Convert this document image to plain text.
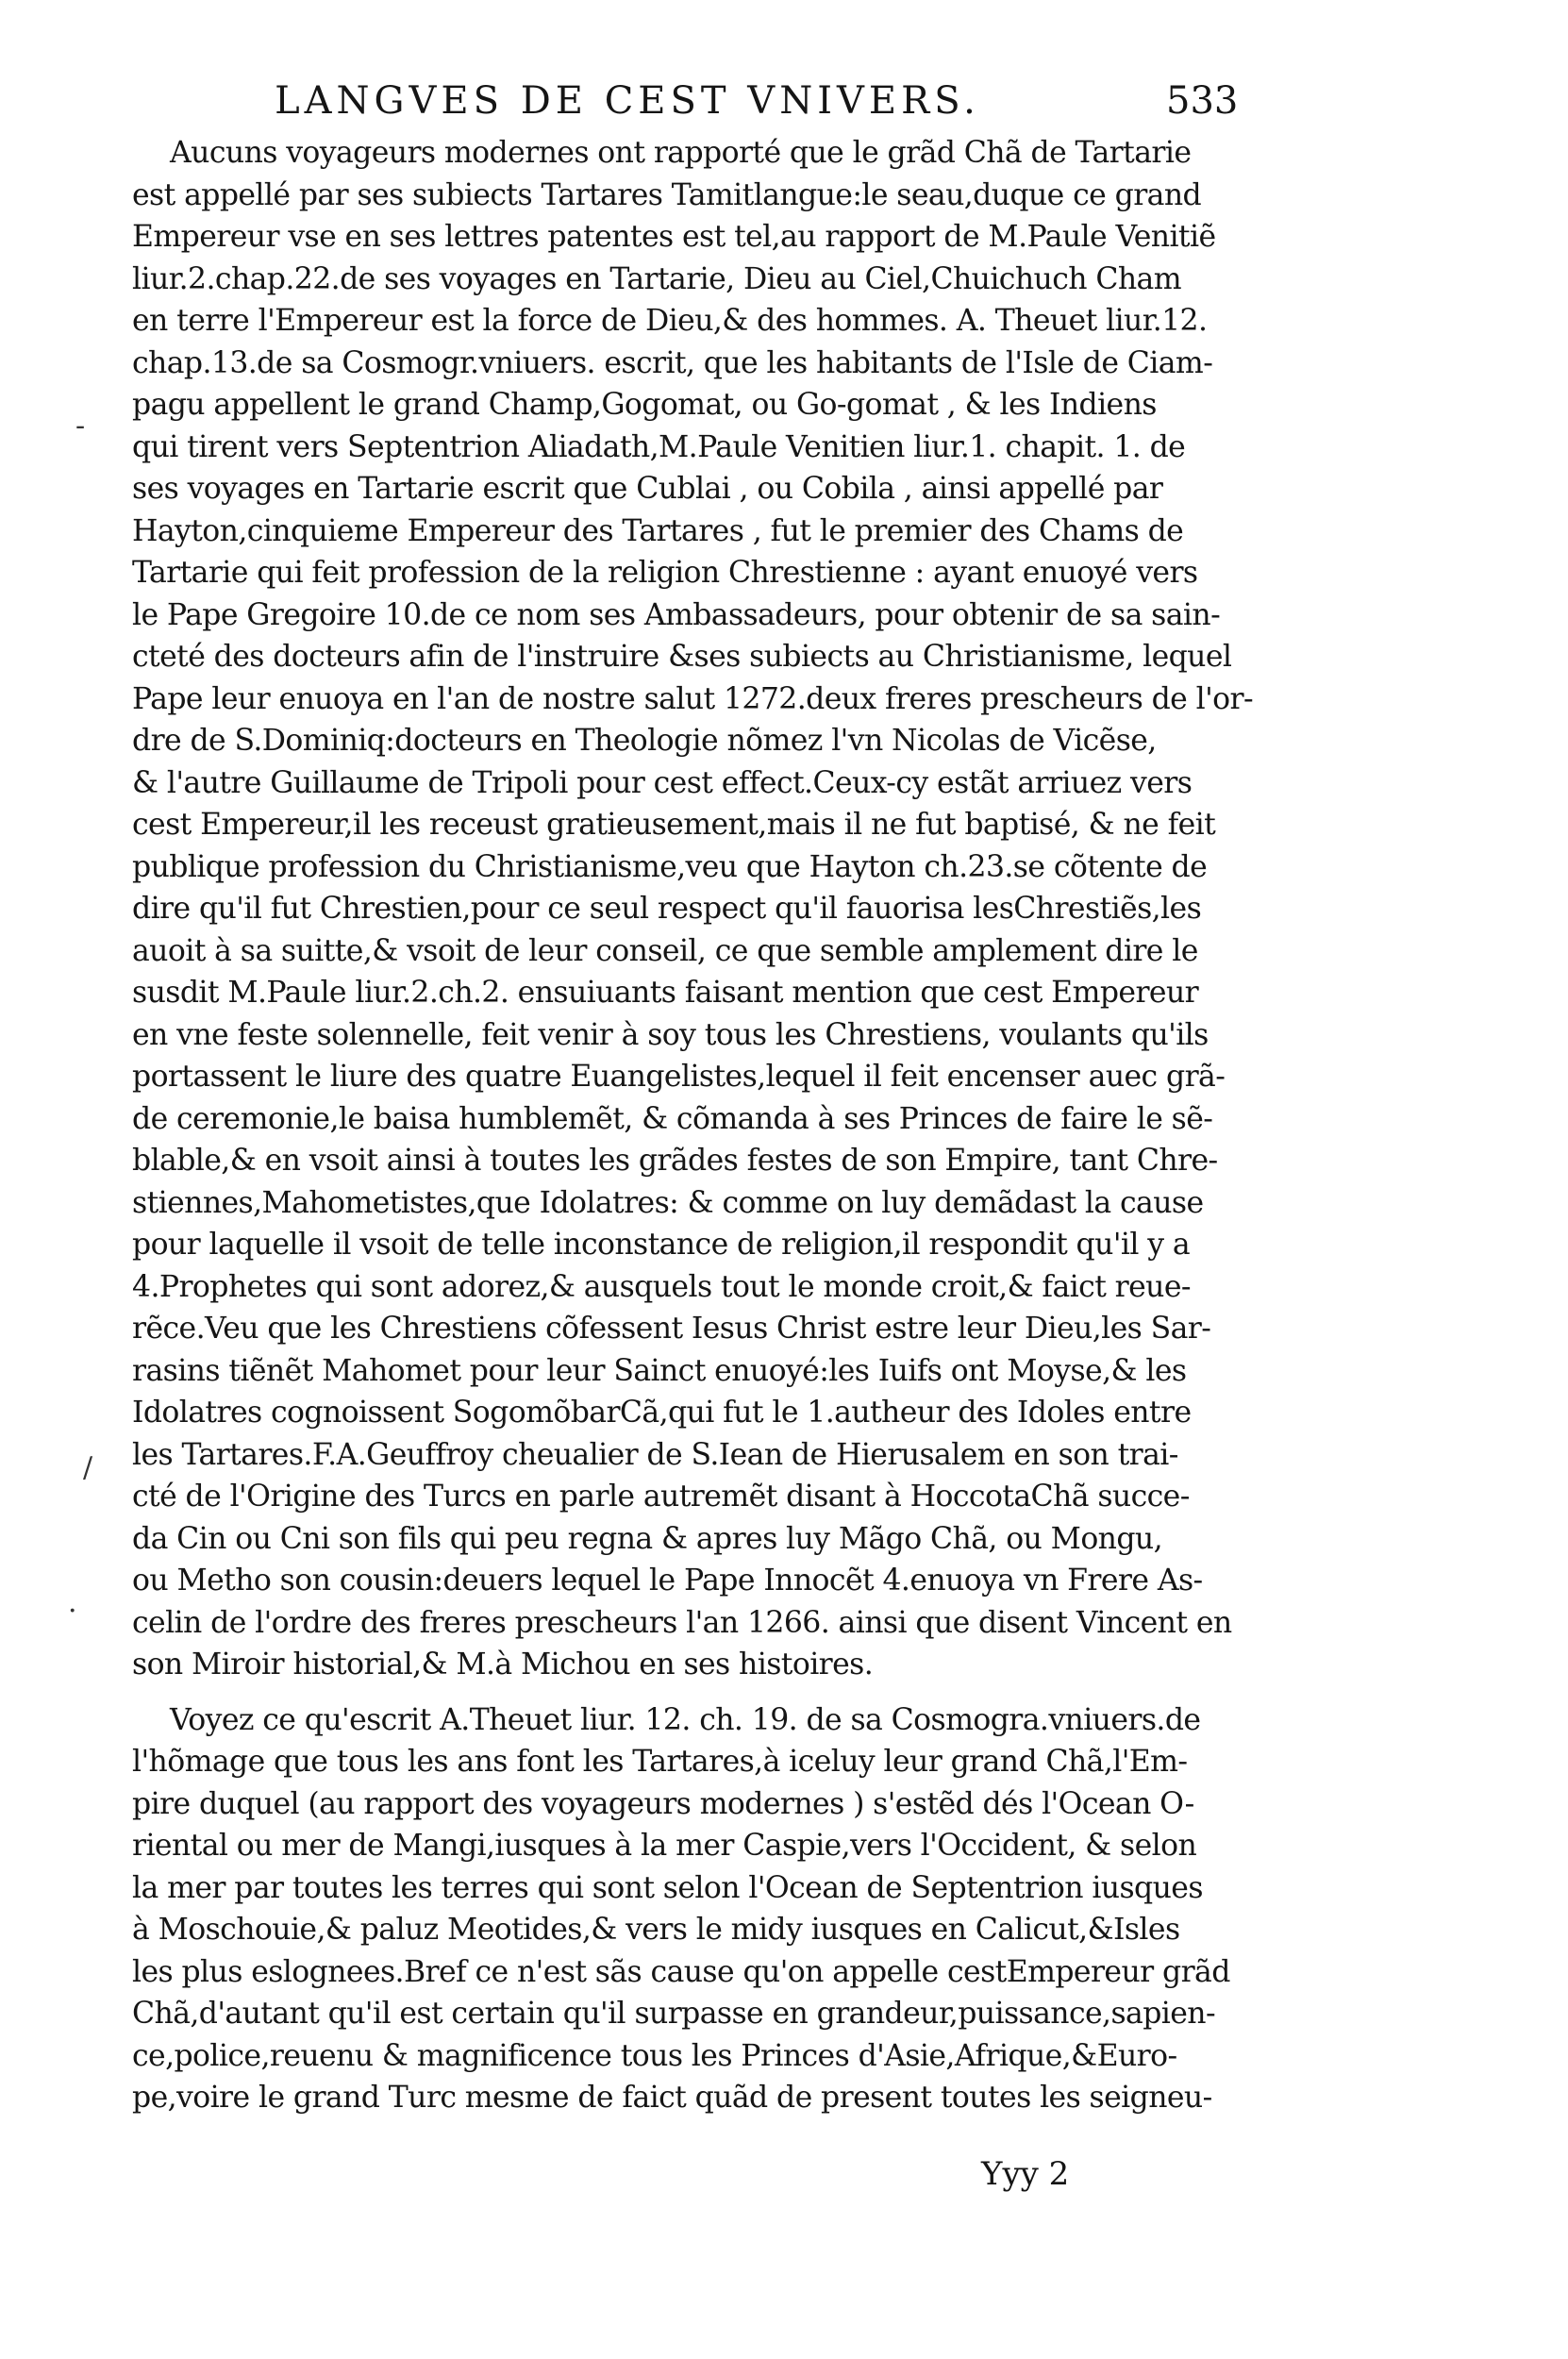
LANGVES DE CEST VNIVERS.	533
Aucuns voyageurs modernes ont rapporté que le grãd Chã de Tartarie
est appellé par ses subiects Tartares Tamitlangue:le seau,duque ce grand
Empereur vse en ses lettres patentes est tel,au rapport de M.Paule Venitiẽ
liur.2.chap.22.de ses voyages en Tartarie, Dieu au Ciel,Chuichuch Cham
en terre l'Empereur est la force de Dieu,& des hommes. A. Theuet liur.12.
chap.13.de sa Cosmogr.vniuers. escrit, que les habitants de l'Isle de Ciam-
pagu appellent le grand Champ,Gogomat, ou Go-gomat , & les Indiens
qui tirent vers Septentrion Aliadath,M.Paule Venitien liur.1. chapit. 1. de
ses voyages en Tartarie escrit que Cublai , ou Cobila , ainsi appellé par
Hayton,cinquieme Empereur des Tartares , fut le premier des Chams de
Tartarie qui feit profession de la religion Chrestienne : ayant enuoyé vers
le Pape Gregoire 10.de ce nom ses Ambassadeurs, pour obtenir de sa sain-
cteté des docteurs afin de l'instruire &ses subiects au Christianisme, lequel
Pape leur enuoya en l'an de nostre salut 1272.deux freres prescheurs de l'or-
dre de S.Dominiq:docteurs en Theologie nõmez l'vn Nicolas de Vicẽse,
& l'autre Guillaume de Tripoli pour cest effect.Ceux-cy estãt arriuez vers
cest Empereur,il les receust gratieusement,mais il ne fut baptisé, & ne feit
publique profession du Christianisme,veu que Hayton ch.23.se cõtente de
dire qu'il fut Chrestien,pour ce seul respect qu'il fauorisa lesChrestiẽs,les
auoit à sa suitte,& vsoit de leur conseil, ce que semble amplement dire le
susdit M.Paule liur.2.ch.2. ensuiuants faisant mention que cest Empereur
en vne feste solennelle, feit venir à soy tous les Chrestiens, voulants qu'ils
portassent le liure des quatre Euangelistes,lequel il feit encenser auec grã-
de ceremonie,le baisa humblemẽt, & cõmanda à ses Princes de faire le sẽ-
blable,& en vsoit ainsi à toutes les grãdes festes de son Empire, tant Chre-
stiennes,Mahometistes,que Idolatres: & comme on luy demãdast la cause
pour laquelle il vsoit de telle inconstance de religion,il respondit qu'il y a
4.Prophetes qui sont adorez,& ausquels tout le monde croit,& faict reue-
rẽce.Veu que les Chrestiens cõfessent Iesus Christ estre leur Dieu,les Sar-
rasins tiẽnẽt Mahomet pour leur Sainct enuoyé:les Iuifs ont Moyse,& les
Idolatres cognoissent SogomõbarCã,qui fut le 1.autheur des Idoles entre
les Tartares.F.A.Geuffroy cheualier de S.Iean de Hierusalem en son trai-
cté de l'Origine des Turcs en parle autremẽt disant à HoccotaChã succe-
da Cin ou Cni son fils qui peu regna & apres luy Mãgo Chã, ou Mongu,
ou Metho son cousin:deuers lequel le Pape Innocẽt 4.enuoya vn Frere As-
celin de l'ordre des freres prescheurs l'an 1266. ainsi que disent Vincent en
son Miroir historial,& M.à Michou en ses histoires.
Voyez ce qu'escrit A.Theuet liur. 12. ch. 19. de sa Cosmogra.vniuers.de
l'hõmage que tous les ans font les Tartares,à iceluy leur grand Chã,l'Em-
pire duquel (au rapport des voyageurs modernes ) s'estẽd dés l'Ocean O-
riental ou mer de Mangi,iusques à la mer Caspie,vers l'Occident, & selon
la mer par toutes les terres qui sont selon l'Ocean de Septentrion iusques
à Moschouie,& paluz Meotides,& vers le midy iusques en Calicut,&Isles
les plus eslognees.Bref ce n'est sãs cause qu'on appelle cestEmpereur grãd
Chã,d'autant qu'il est certain qu'il surpasse en grandeur,puissance,sapien-
ce,police,reuenu & magnificence tous les Princes d'Asie,Afrique,&Euro-
pe,voire le grand Turc mesme de faict quãd de present toutes les seigneu-
Yyy 2
-
/
·
